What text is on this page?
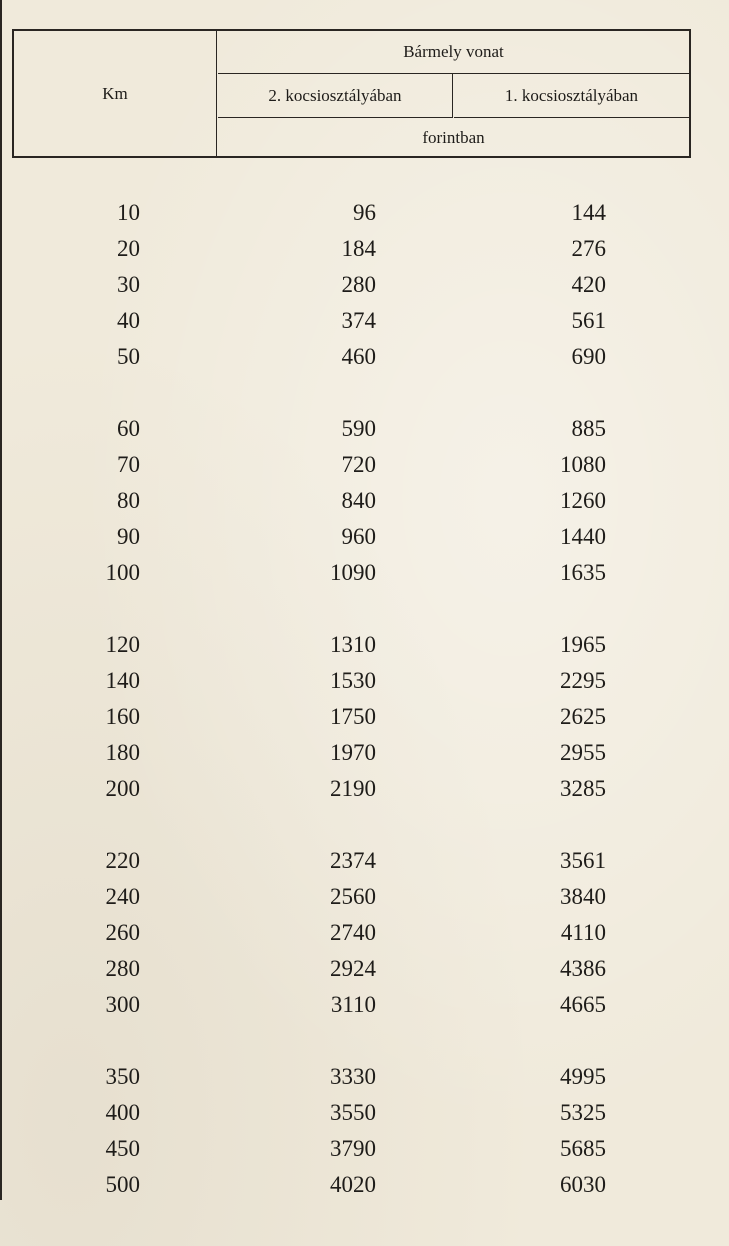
Km
Bármely vonat
2. kocsiosztályában	1. kocsiosztályában
forintban
10	96	144
20	184	276
30	280	420
40	374	561
50	460	690
60	590	885
70	720	1080
80	840	1260
90	960	1440
100	1090	1635
120	1310	1965
140	1530	2295
160	1750	2625
180	1970	2955
200	2190	3285
220	2374	3561
240	2560	3840
260	2740	4110
280	2924	4386
300	3110	4665
350	3330	4995
400	3550	5325
450	3790	5685
500	4020	6030
